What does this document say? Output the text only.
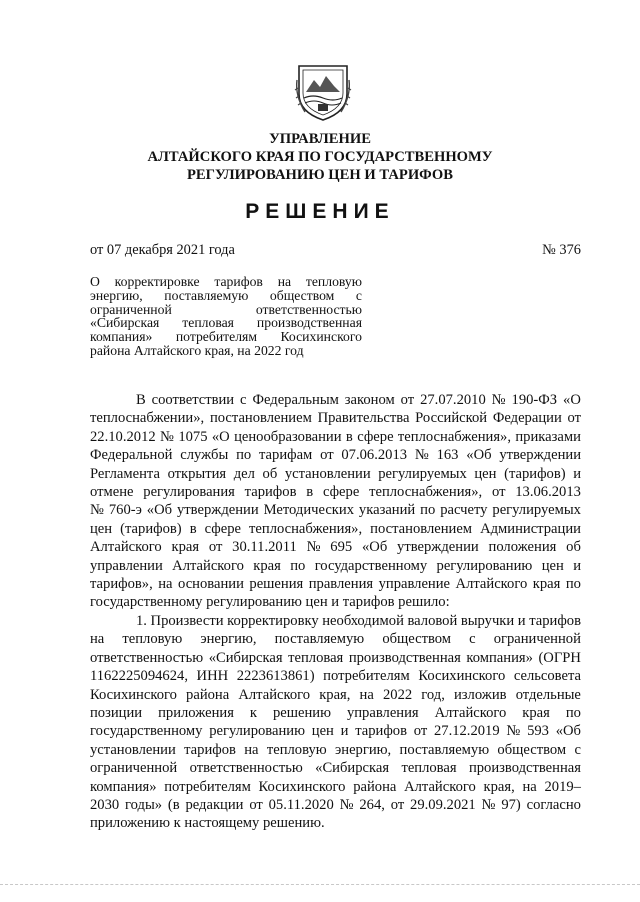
УПРАВЛЕНИЕ
АЛТАЙСКОГО КРАЯ ПО ГОСУДАРСТВЕННОМУ
РЕГУЛИРОВАНИЮ ЦЕН И ТАРИФОВ
РЕШЕНИЕ
от 07 декабря 2021 года	№ 376
О корректировке тарифов на тепловую
энергию, поставляемую обществом с
ограниченной	ответственностью
«Сибирская тепловая производственная
компания» потребителям Косихинского
района Алтайского края, на 2022 год
В соответствии с Федеральным законом от 27.07.2010 № 190-ФЗ «О
теплоснабжении», постановлением Правительства Российской Федерации от
22.10.2012 № 1075 «О ценообразовании в сфере теплоснабжения», приказами
Федеральной службы по тарифам от 07.06.2013 № 163 «Об утверждении
Регламента открытия дел об установлении регулируемых цен (тарифов) и
отмене регулирования тарифов в сфере теплоснабжения», от 13.06.2013
№ 760-э «Об утверждении Методических указаний по расчету регулируемых
цен (тарифов) в сфере теплоснабжения», постановлением Администрации
Алтайского края от 30.11.2011 № 695 «Об утверждении положения об
управлении Алтайского края по государственному регулированию цен и
тарифов», на основании решения правления управление Алтайского края по
государственному регулированию цен и тарифов решило:
1. Произвести корректировку необходимой валовой выручки и тарифов
на тепловую энергию, поставляемую обществом с ограниченной
ответственностью «Сибирская тепловая производственная компания» (ОГРН
1162225094624, ИНН 2223613861) потребителям Косихинского сельсовета
Косихинского района Алтайского края, на 2022 год, изложив отдельные
позиции приложения к решению управления Алтайского края по
государственному регулированию цен и тарифов от 27.12.2019 № 593 «Об
установлении тарифов на тепловую энергию, поставляемую обществом с
ограниченной ответственностью «Сибирская тепловая производственная
компания» потребителям Косихинского района Алтайского края, на 2019–
2030 годы» (в редакции от 05.11.2020 № 264, от 29.09.2021 № 97) согласно
приложению к настоящему решению.
